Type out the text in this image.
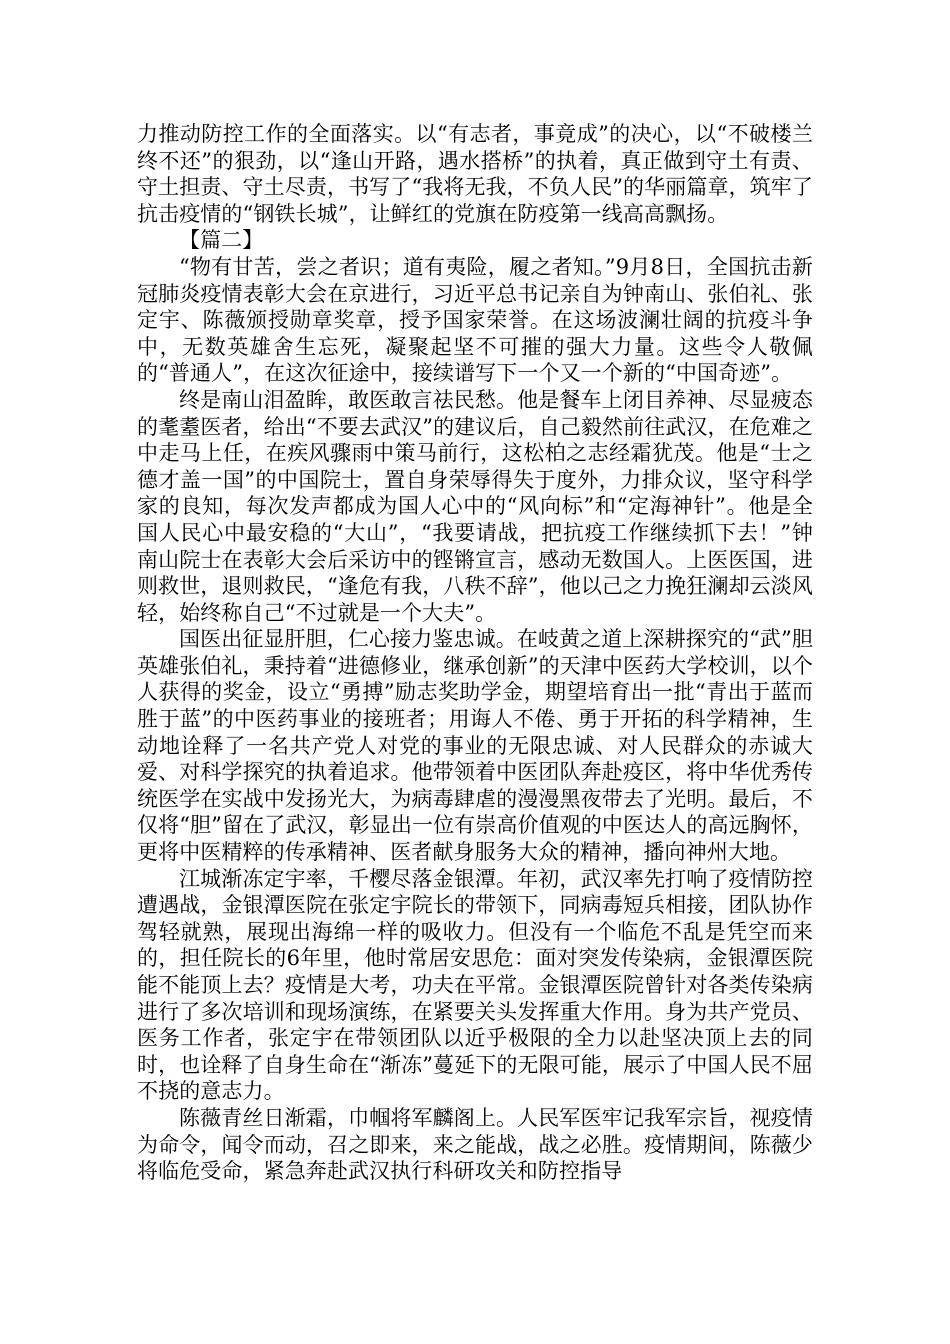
力推动防控工作的全面落实。以“有志者，事竟成”的决心，以“不破楼兰终不还”的狠劲，以“逢山开路，遇水搭桥”的执着，真正做到守土有责、守土担责、守土尽责，书写了“我将无我，不负人民”的华丽篇章，筑牢了抗击疫情的“钢铁长城”，让鲜红的党旗在防疫第一线高高飘扬。

【篇二】

“物有甘苦，尝之者识；道有夷险，履之者知。”9月8日，全国抗击新冠肺炎疫情表彰大会在京进行，习近平总书记亲自为钟南山、张伯礼、张定宇、陈薇颁授勋章奖章，授予国家荣誉。在这场波澜壮阔的抗疫斗争中，无数英雄舍生忘死，凝聚起坚不可摧的强大力量。这些令人敬佩的“普通人”，在这次征途中，接续谱写下一个又一个新的“中国奇迹”。

终是南山泪盈眸，敢医敢言祛民愁。他是餐车上闭目养神、尽显疲态的耄耋医者，给出“不要去武汉”的建议后，自己毅然前往武汉，在危难之中走马上任，在疾风骤雨中策马前行，这松柏之志经霜犹茂。他是“士之德才盖一国”的中国院士，置自身荣辱得失于度外，力排众议，坚守科学家的良知，每次发声都成为国人心中的“风向标”和“定海神针”。他是全国人民心中最安稳的“大山”，“我要请战，把抗疫工作继续抓下去！”钟南山院士在表彰大会后采访中的铿锵宣言，感动无数国人。上医医国，进则救世，退则救民，“逢危有我，八秩不辞”，他以己之力挽狂澜却云淡风轻，始终称自己“不过就是一个大夫”。

国医出征显肝胆，仁心接力鉴忠诚。在岐黄之道上深耕探究的“武”胆英雄张伯礼，秉持着“进德修业，继承创新”的天津中医药大学校训，以个人获得的奖金，设立“勇搏”励志奖助学金，期望培育出一批“青出于蓝而胜于蓝”的中医药事业的接班者；用诲人不倦、勇于开拓的科学精神，生动地诠释了一名共产党人对党的事业的无限忠诚、对人民群众的赤诚大爱、对科学探究的执着追求。他带领着中医团队奔赴疫区，将中华优秀传统医学在实战中发扬光大，为病毒肆虐的漫漫黑夜带去了光明。最后，不仅将“胆”留在了武汉，彰显出一位有崇高价值观的中医达人的高远胸怀，更将中医精粹的传承精神、医者献身服务大众的精神，播向神州大地。

江城渐冻定宇率，千樱尽落金银潭。年初，武汉率先打响了疫情防控遭遇战，金银潭医院在张定宇院长的带领下，同病毒短兵相接，团队协作驾轻就熟，展现出海绵一样的吸收力。但没有一个临危不乱是凭空而来的，担任院长的6年里，他时常居安思危：面对突发传染病，金银潭医院能不能顶上去？疫情是大考，功夫在平常。金银潭医院曾针对各类传染病进行了多次培训和现场演练，在紧要关头发挥重大作用。身为共产党员、医务工作者，张定宇在带领团队以近乎极限的全力以赴坚决顶上去的同时，也诠释了自身生命在“渐冻”蔓延下的无限可能，展示了中国人民不屈不挠的意志力。

陈薇青丝日渐霜，巾帼将军麟阁上。人民军医牢记我军宗旨，视疫情为命令，闻令而动，召之即来，来之能战，战之必胜。疫情期间，陈薇少将临危受命，紧急奔赴武汉执行科研攻关和防控指导
